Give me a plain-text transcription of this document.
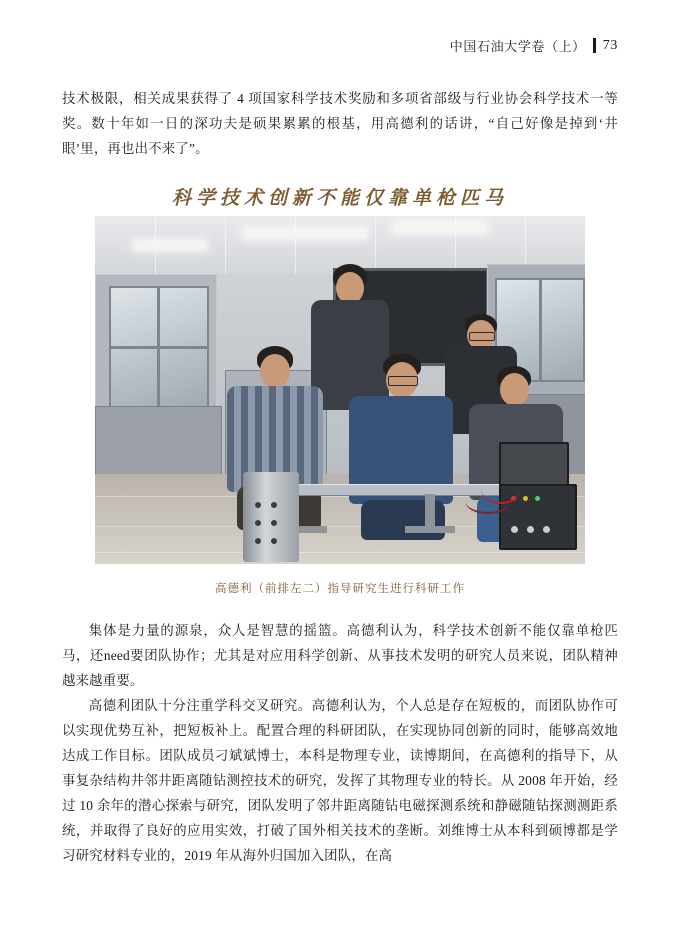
中国石油大学卷（上） 73

技术极限，相关成果获得了 4 项国家科学技术奖励和多项省部级与行业协会科学技术一等奖。数十年如一日的深功夫是硕果累累的根基，用高德利的话讲，“自己好像是掉到‘井眼’里，再也出不来了”。

科学技术创新不能仅靠单枪匹马
高德利（前排左二）指导研究生进行科研工作

集体是力量的源泉，众人是智慧的摇篮。高德利认为，科学技术创新不能仅靠单枪匹马，还need要团队协作；尤其是对应用科学创新、从事技术发明的研究人员来说，团队精神越来越重要。

高德利团队十分注重学科交叉研究。高德利认为，个人总是存在短板的，而团队协作可以实现优势互补，把短板补上。配置合理的科研团队，在实现协同创新的同时，能够高效地达成工作目标。团队成员刁斌斌博士，本科是物理专业，读博期间，在高德利的指导下，从事复杂结构井邻井距离随钻测控技术的研究，发挥了其物理专业的特长。从 2008 年开始，经过 10 余年的潜心探索与研究，团队发明了邻井距离随钻电磁探测系统和静磁随钻探测测距系统，并取得了良好的应用实效，打破了国外相关技术的垄断。刘维博士从本科到硕博都是学习研究材料专业的，2019 年从海外归国加入团队，在高
